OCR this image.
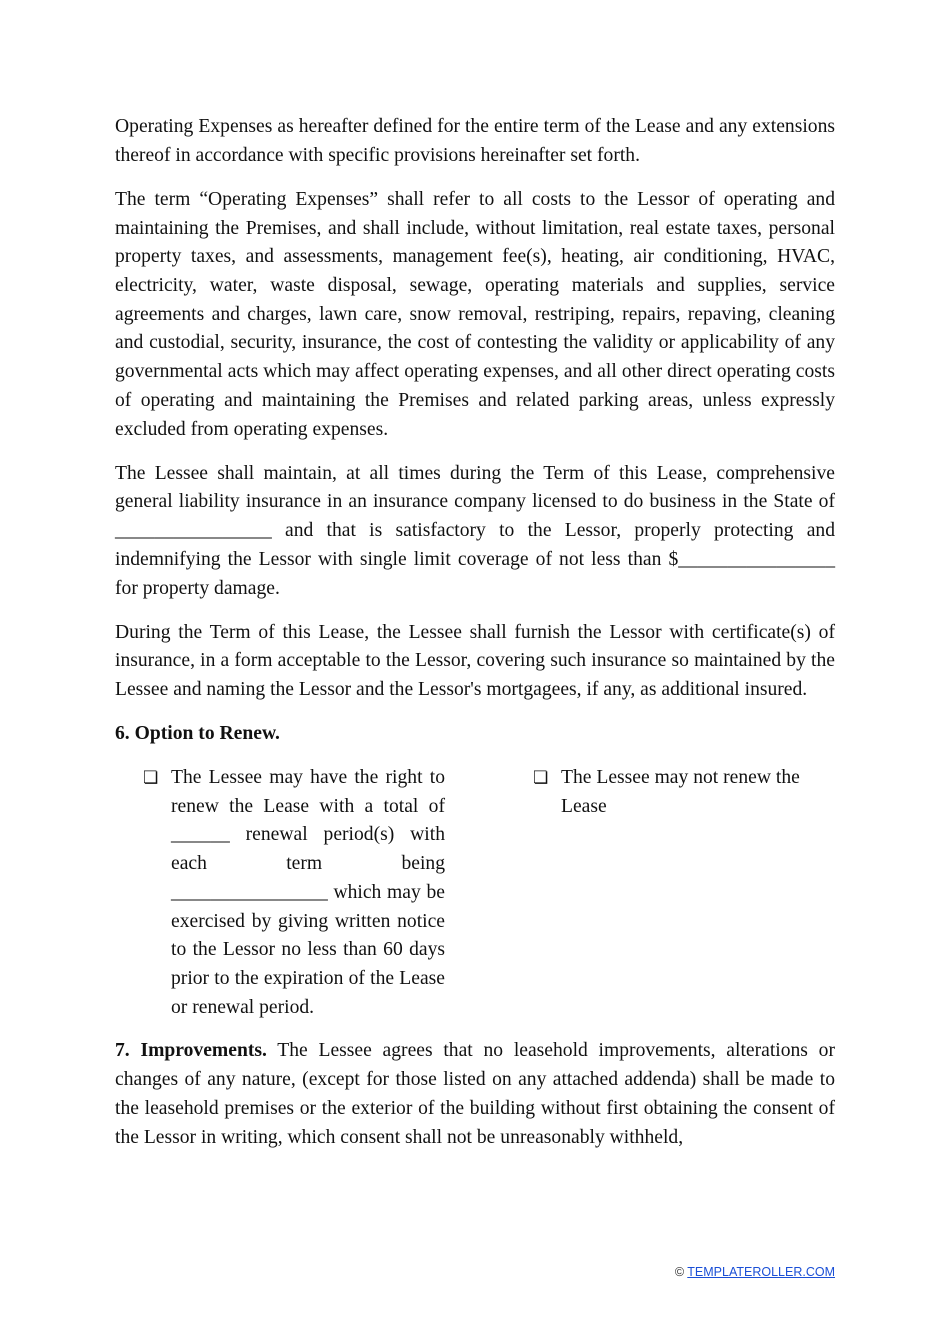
Operating Expenses as hereafter defined for the entire term of the Lease and any extensions thereof in accordance with specific provisions hereinafter set forth.

The term “Operating Expenses” shall refer to all costs to the Lessor of operating and maintaining the Premises, and shall include, without limitation, real estate taxes, personal property taxes, and assessments, management fee(s), heating, air conditioning, HVAC, electricity, water, waste disposal, sewage, operating materials and supplies, service agreements and charges, lawn care, snow removal, restriping, repairs, repaving, cleaning and custodial, security, insurance, the cost of contesting the validity or applicability of any governmental acts which may affect operating expenses, and all other direct operating costs of operating and maintaining the Premises and related parking areas, unless expressly excluded from operating expenses.

The Lessee shall maintain, at all times during the Term of this Lease, comprehensive general liability insurance in an insurance company licensed to do business in the State of ________________ and that is satisfactory to the Lessor, properly protecting and indemnifying the Lessor with single limit coverage of not less than $________________ for property damage.

During the Term of this Lease, the Lessee shall furnish the Lessor with certificate(s) of insurance, in a form acceptable to the Lessor, covering such insurance so maintained by the Lessee and naming the Lessor and the Lessor's mortgagees, if any, as additional insured.

6. Option to Renew.
❏ The Lessee may have the right to renew the Lease with a total of ______ renewal period(s) with each term being ________________ which may be exercised by giving written notice to the Lessor no less than 60 days prior to the expiration of the Lease or renewal period.
❏ The Lessee may not renew the Lease

7. Improvements. The Lessee agrees that no leasehold improvements, alterations or changes of any nature, (except for those listed on any attached addenda) shall be made to the leasehold premises or the exterior of the building without first obtaining the consent of the Lessor in writing, which consent shall not be unreasonably withheld,

© TEMPLATEROLLER.COM
